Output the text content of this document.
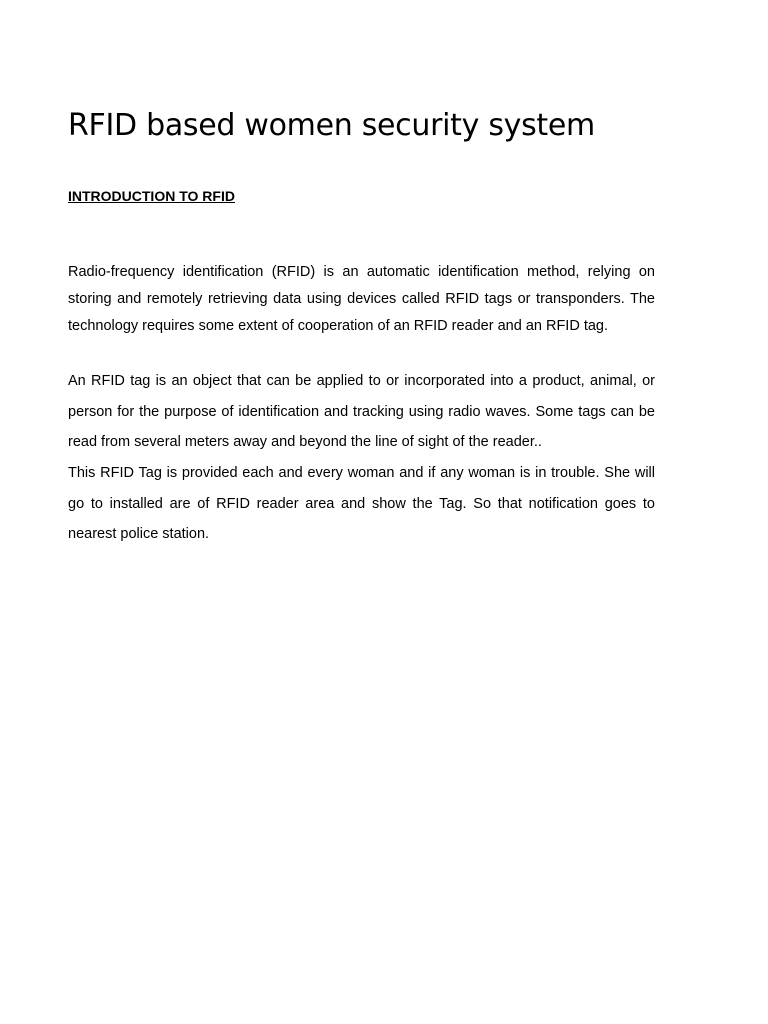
RFID based women security system
INTRODUCTION TO RFID

Radio-frequency identification (RFID) is an automatic identification method, relying on storing and remotely retrieving data using devices called RFID tags or transponders. The technology requires some extent of cooperation of an RFID reader and an RFID tag.

An RFID tag is an object that can be applied to or incorporated into a product, animal, or person for the purpose of identification and tracking using radio waves. Some tags can be read from several meters away and beyond the line of sight of the reader..

This RFID Tag is provided each and every woman and if any woman is in trouble. She will go to installed are of RFID reader area and show the Tag. So that notification goes to nearest police station.
